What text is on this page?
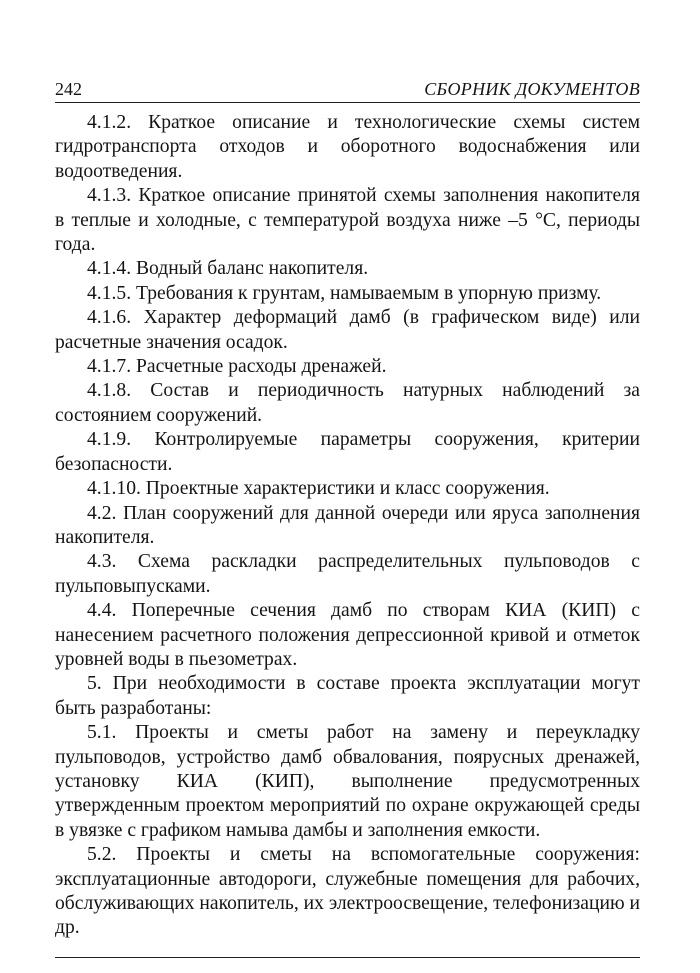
242	СБОРНИК ДОКУМЕНТОВ

4.1.2. Краткое описание и технологические схемы систем гидротранспорта отходов и оборотного водоснабжения или водоотведения.

4.1.3. Краткое описание принятой схемы заполнения накопителя в теплые и холодные, с температурой воздуха ниже –5 °C, периоды года.

4.1.4. Водный баланс накопителя.

4.1.5. Требования к грунтам, намываемым в упорную призму.

4.1.6. Характер деформаций дамб (в графическом виде) или расчетные значения осадок.

4.1.7. Расчетные расходы дренажей.

4.1.8. Состав и периодичность натурных наблюдений за состоянием сооружений.

4.1.9. Контролируемые параметры сооружения, критерии безопасности.

4.1.10. Проектные характеристики и класс сооружения.

4.2. План сооружений для данной очереди или яруса заполнения накопителя.

4.3. Схема раскладки распределительных пульповодов с пульповыпусками.

4.4. Поперечные сечения дамб по створам КИА (КИП) с нанесением расчетного положения депрессионной кривой и отметок уровней воды в пьезометрах.

5. При необходимости в составе проекта эксплуатации могут быть разработаны:

5.1. Проекты и сметы работ на замену и переукладку пульповодов, устройство дамб обвалования, поярусных дренажей, установку КИА (КИП), выполнение предусмотренных утвержденным проектом мероприятий по охране окружающей среды в увязке с графиком намыва дамбы и заполнения емкости.

5.2. Проекты и сметы на вспомогательные сооружения: эксплуатационные автодороги, служебные помещения для рабочих, обслуживающих накопитель, их электроосвещение, телефонизацию и др.
